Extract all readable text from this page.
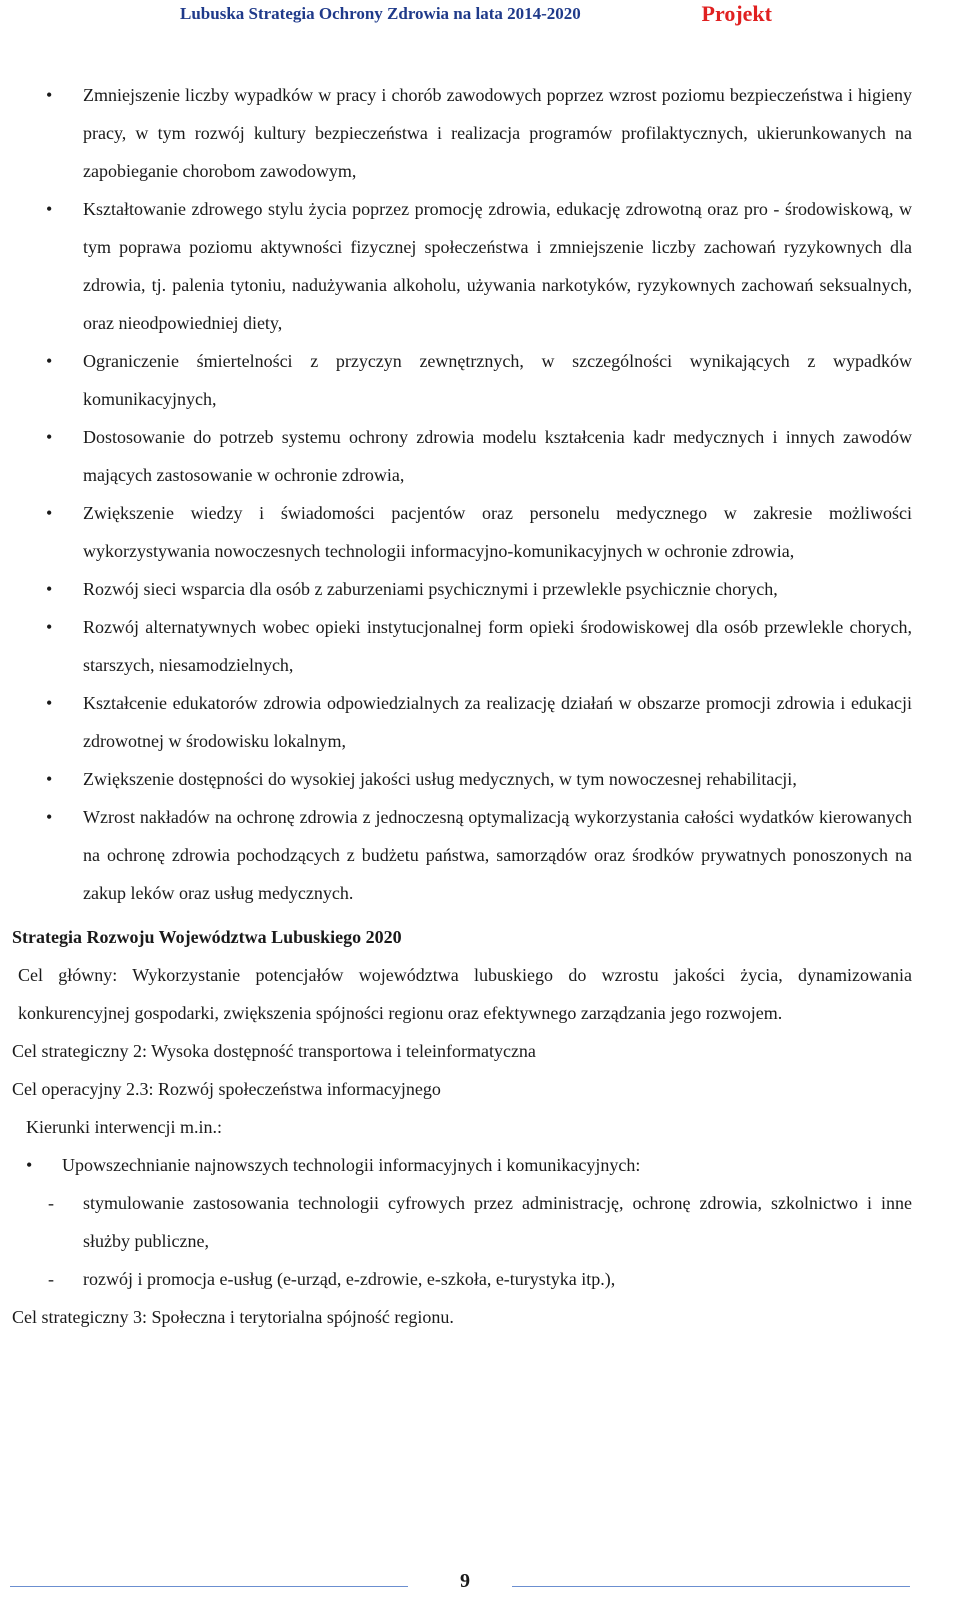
Lubuska Strategia Ochrony Zdrowia na lata 2014-2020	Projekt
• Zmniejszenie liczby wypadków w pracy i chorób zawodowych poprzez wzrost poziomu bezpieczeństwa i higieny pracy, w tym rozwój kultury bezpieczeństwa i realizacja programów profilaktycznych, ukierunkowanych na zapobieganie chorobom zawodowym,
• Kształtowanie zdrowego stylu życia poprzez promocję zdrowia, edukację zdrowotną oraz pro - środowiskową, w tym poprawa poziomu aktywności fizycznej społeczeństwa i zmniejszenie liczby zachowań ryzykownych dla zdrowia, tj. palenia tytoniu, nadużywania alkoholu, używania narkotyków, ryzykownych zachowań seksualnych, oraz nieodpowiedniej diety,
• Ograniczenie śmiertelności z przyczyn zewnętrznych, w szczególności wynikających z wypadków komunikacyjnych,
• Dostosowanie do potrzeb systemu ochrony zdrowia modelu kształcenia kadr medycznych i innych zawodów mających zastosowanie w ochronie zdrowia,
• Zwiększenie wiedzy i świadomości pacjentów oraz personelu medycznego w zakresie możliwości wykorzystywania nowoczesnych technologii informacyjno-komunikacyjnych w ochronie zdrowia,
• Rozwój sieci wsparcia dla osób z zaburzeniami psychicznymi i przewlekle psychicznie chorych,
• Rozwój alternatywnych wobec opieki instytucjonalnej form opieki środowiskowej dla osób przewlekle chorych, starszych, niesamodzielnych,
• Kształcenie edukatorów zdrowia odpowiedzialnych za realizację działań w obszarze promocji zdrowia i edukacji zdrowotnej w środowisku lokalnym,
• Zwiększenie dostępności do wysokiej jakości usług medycznych, w tym nowoczesnej rehabilitacji,
• Wzrost nakładów na ochronę zdrowia z jednoczesną optymalizacją wykorzystania całości wydatków kierowanych na ochronę zdrowia pochodzących z budżetu państwa, samorządów oraz środków prywatnych ponoszonych na zakup leków oraz usług medycznych.
Strategia Rozwoju Województwa Lubuskiego 2020
Cel główny: Wykorzystanie potencjałów województwa lubuskiego do wzrostu jakości życia, dynamizowania konkurencyjnej gospodarki, zwiększenia spójności regionu oraz efektywnego zarządzania jego rozwojem.
Cel strategiczny 2: Wysoka dostępność transportowa i teleinformatyczna
Cel operacyjny 2.3: Rozwój społeczeństwa informacyjnego
Kierunki interwencji m.in.:
• Upowszechnianie najnowszych technologii informacyjnych i komunikacyjnych:
- stymulowanie zastosowania technologii cyfrowych przez administrację, ochronę zdrowia, szkolnictwo i inne służby publiczne,
- rozwój i promocja e-usług (e-urząd, e-zdrowie, e-szkoła, e-turystyka itp.),
Cel strategiczny 3: Społeczna i terytorialna spójność regionu.
9
